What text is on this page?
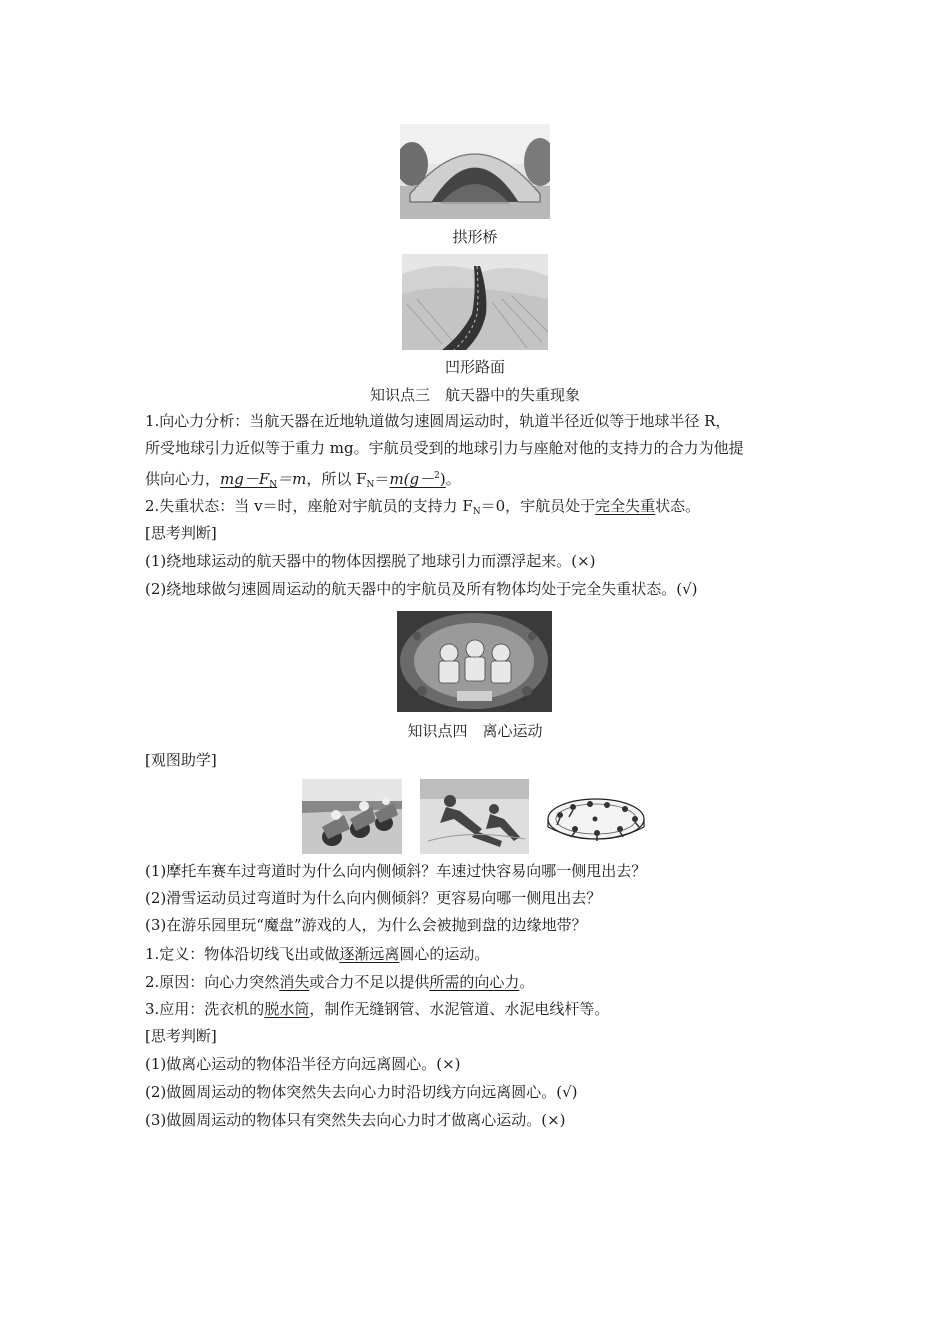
拱形桥
凹形路面
知识点三　航天器中的失重现象
1.向心力分析：当航天器在近地轨道做匀速圆周运动时，轨道半径近似等于地球半径 R，
所受地球引力近似等于重力 mg。宇航员受到的地球引力与座舱对他的支持力的合力为他提
供向心力，$mg-F_N=m$，所以 $F_N=m(g-^2)$。
2.失重状态：当 v＝时，座舱对宇航员的支持力 $F_N=0$，宇航员处于完全失重状态。
[思考判断]
(1)绕地球运动的航天器中的物体因摆脱了地球引力而漂浮起来。(×)
(2)绕地球做匀速圆周运动的航天器中的宇航员及所有物体均处于完全失重状态。(√)
知识点四　离心运动
[观图助学]
(1)摩托车赛车过弯道时为什么向内侧倾斜？车速过快容易向哪一侧甩出去？
(2)滑雪运动员过弯道时为什么向内侧倾斜？更容易向哪一侧甩出去？
(3)在游乐园里玩“魔盘”游戏的人，为什么会被抛到盘的边缘地带？
1.定义：物体沿切线飞出或做逐渐远离圆心的运动。
2.原因：向心力突然消失或合力不足以提供所需的向心力。
3.应用：洗衣机的脱水筒，制作无缝钢管、水泥管道、水泥电线杆等。
[思考判断]
(1)做离心运动的物体沿半径方向远离圆心。(×)
(2)做圆周运动的物体突然失去向心力时沿切线方向远离圆心。(√)
(3)做圆周运动的物体只有突然失去向心力时才做离心运动。(×)
